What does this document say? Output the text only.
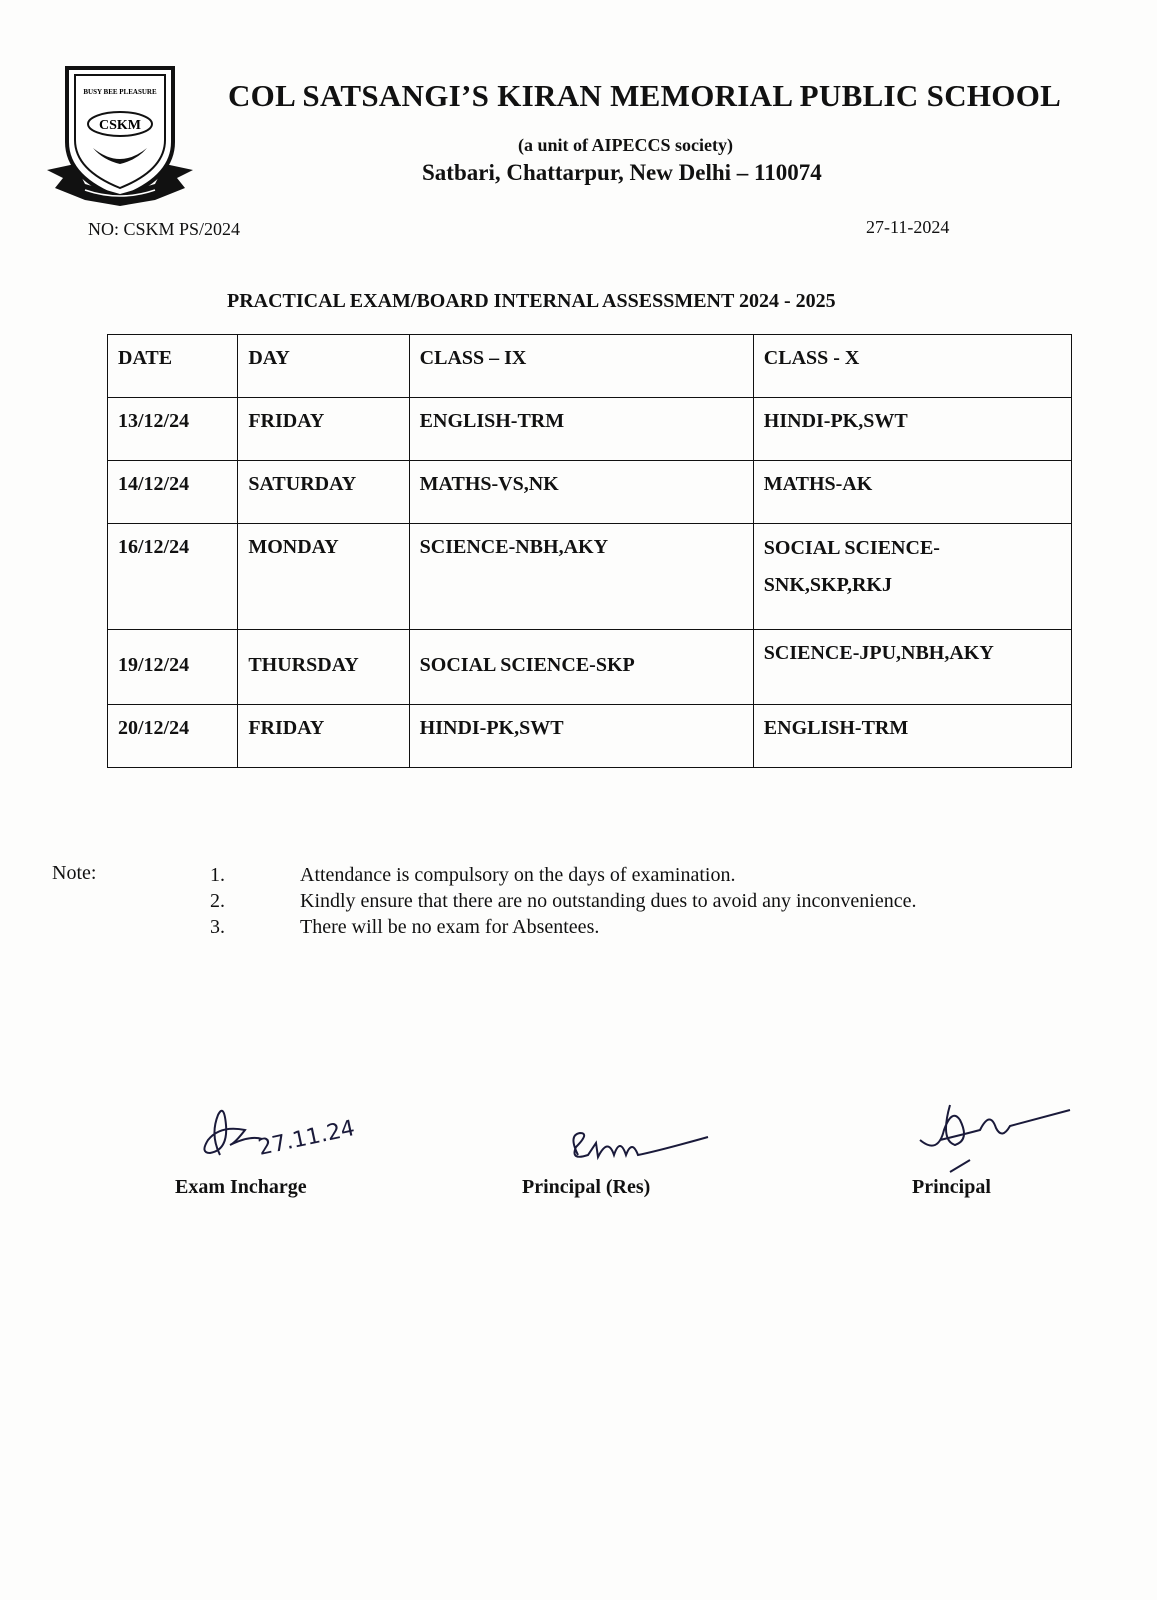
BUSY BEE PLEASURE
CSKM
COL SATSANGI’S KIRAN MEMORIAL PUBLIC SCHOOL
(a unit of AIPECCS society)
Satbari, Chattarpur, New Delhi – 110074
NO: CSKM PS/2024	27-11-2024
PRACTICAL EXAM/BOARD INTERNAL ASSESSMENT 2024 - 2025
DATE	DAY	CLASS – IX	CLASS - X
13/12/24	FRIDAY	ENGLISH-TRM	HINDI-PK,SWT
14/12/24	SATURDAY	MATHS-VS,NK	MATHS-AK
16/12/24	MONDAY	SCIENCE-NBH,AKY	SOCIAL SCIENCE-
SNK,SKP,RKJ
19/12/24	THURSDAY	SOCIAL SCIENCE-SKP	SCIENCE-JPU,NBH,AKY
20/12/24	FRIDAY	HINDI-PK,SWT	ENGLISH-TRM
Note:	1.	Attendance is compulsory on the days of examination.
2.	Kindly ensure that there are no outstanding dues to avoid any inconvenience.
3.	There will be no exam for Absentees.
27.11.24
Exam Incharge	Principal (Res)	Principal
